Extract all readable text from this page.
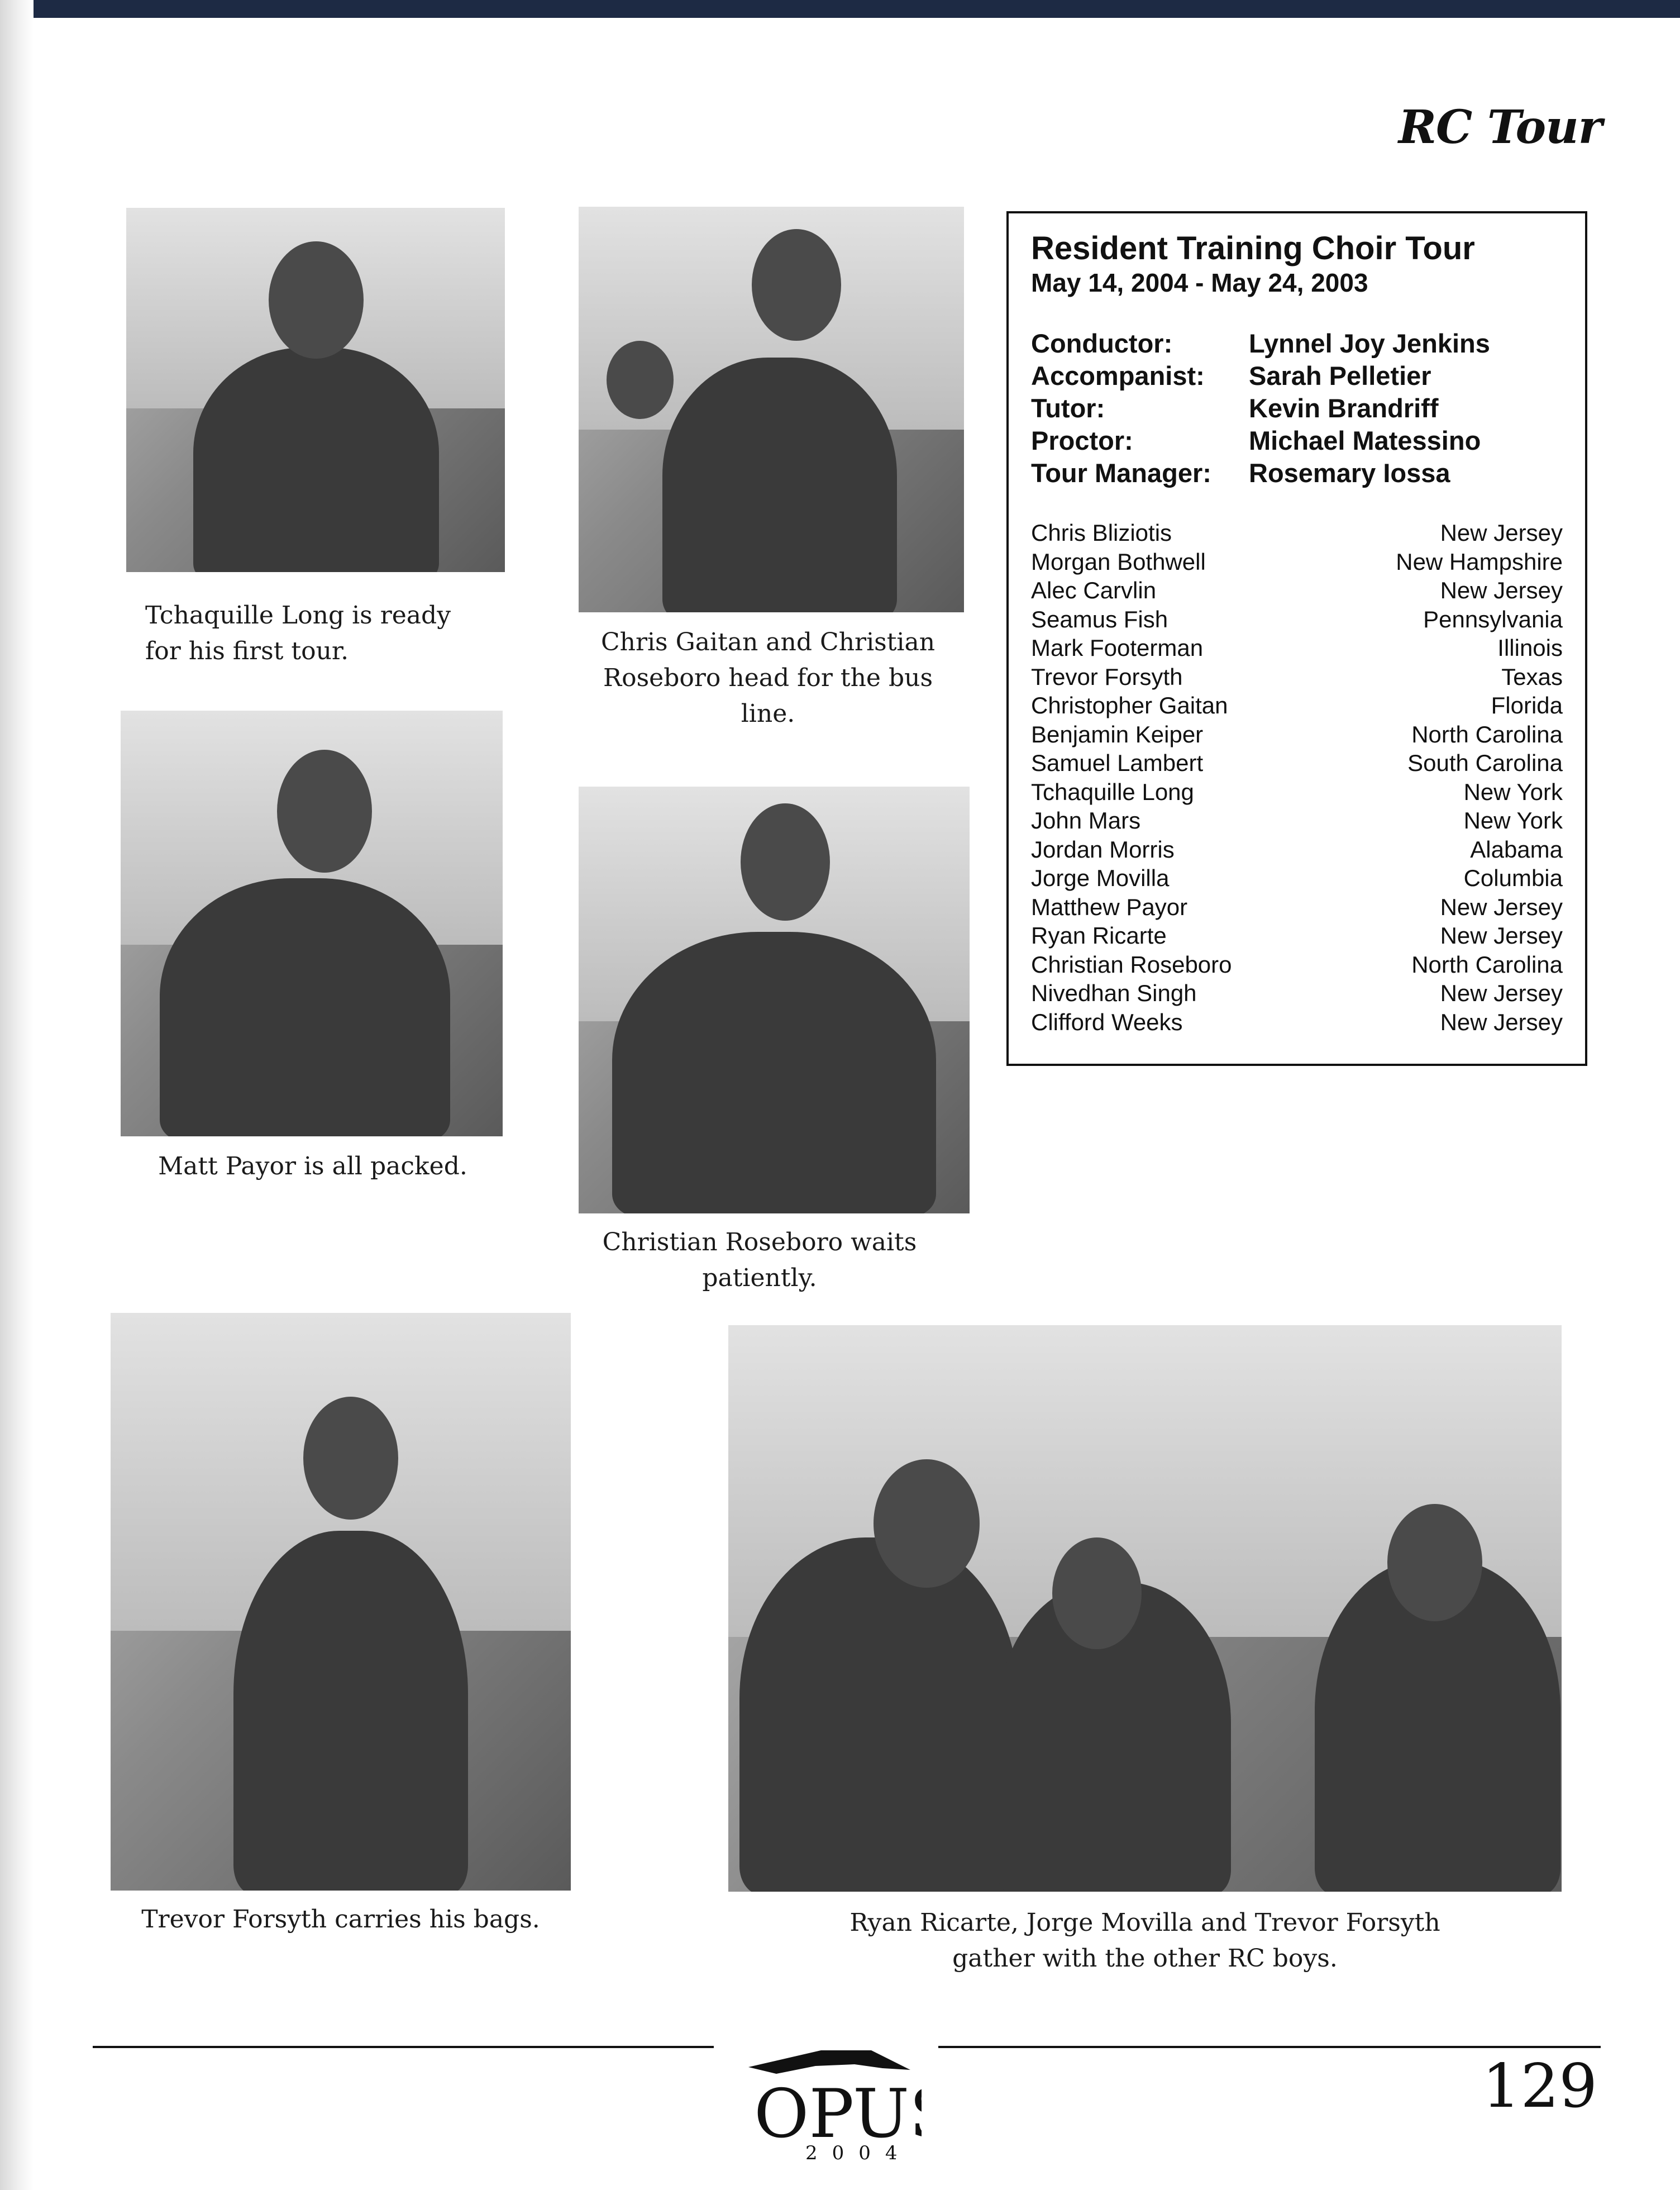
RC Tour
Tchaquille Long is ready
for his first tour.	Chris Gaitan and Christian
Roseboro head for the bus
line.
Matt Payor is all packed.
Christian Roseboro waits
patiently.
Trevor Forsyth carries his bags.	Ryan Ricarte, Jorge Movilla and Trevor Forsyth
gather with the other RC boys.
Resident Training Choir Tour
May 14, 2004 - May 24, 2003
Conductor:	Lynnel Joy Jenkins
Accompanist:	Sarah Pelletier
Tutor:	Kevin Brandriff
Proctor:	Michael Matessino
Tour Manager:	Rosemary Iossa
Chris Bliziotis	New Jersey
Morgan Bothwell	New Hampshire
Alec Carvlin	New Jersey
Seamus Fish	Pennsylvania
Mark Footerman	Illinois
Trevor Forsyth	Texas
Christopher Gaitan	Florida
Benjamin Keiper	North Carolina
Samuel Lambert	South Carolina
Tchaquille Long	New York
John Mars	New York
Jordan Morris	Alabama
Jorge Movilla	Columbia
Matthew Payor	New Jersey
Ryan Ricarte	New Jersey
Christian Roseboro	North Carolina
Nivedhan Singh	New Jersey
Clifford Weeks	New Jersey
OPU
2004
129
